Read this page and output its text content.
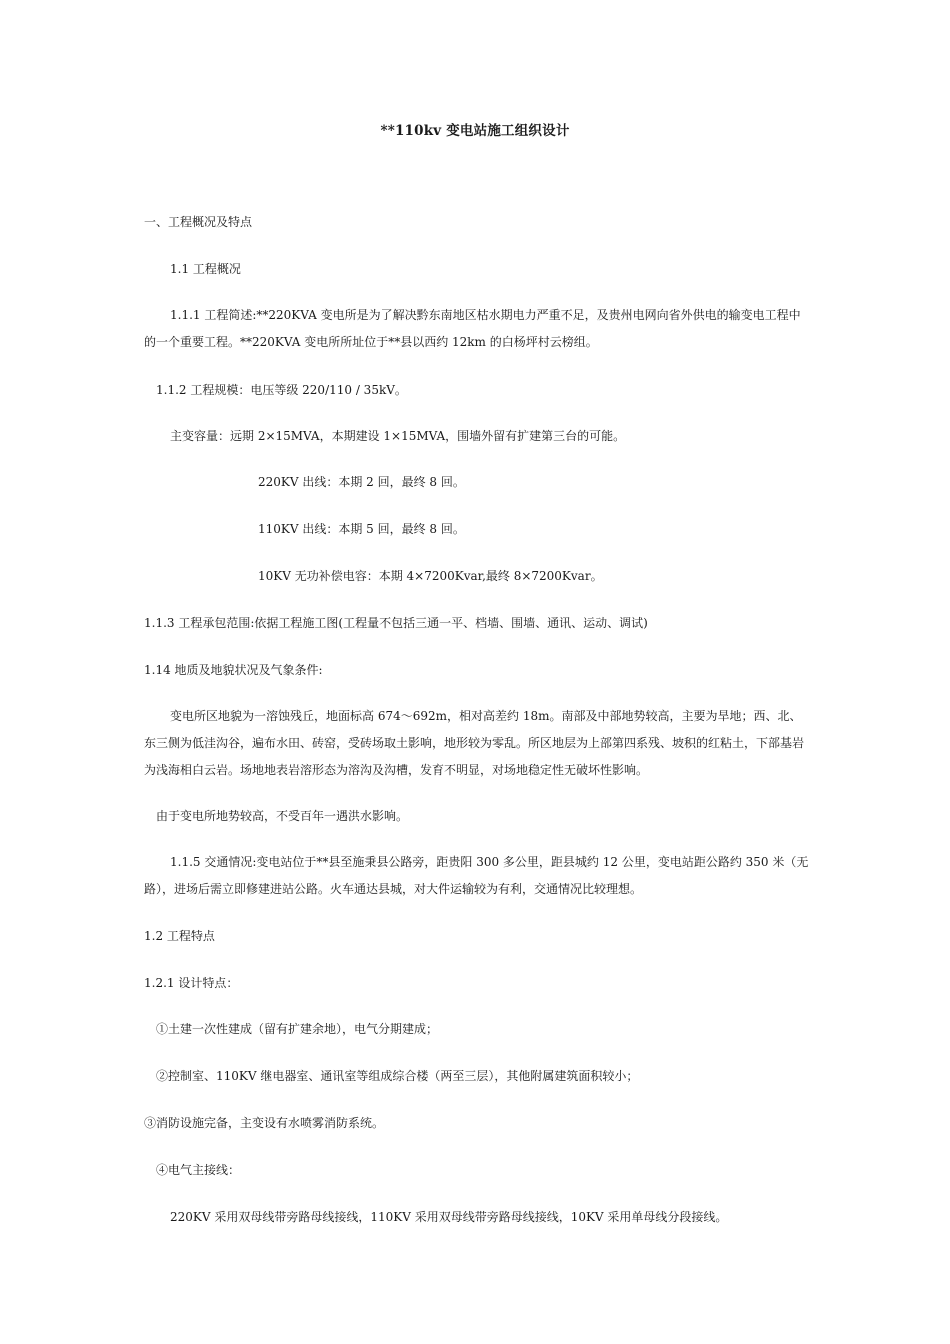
**110kv 变电站施工组织设计
一、工程概况及特点
1.1 工程概况
1.1.1 工程简述:**220KVA 变电所是为了解决黔东南地区枯水期电力严重不足，及贵州电网向省外供电的输变电工程中的一个重要工程。**220KVA 变电所所址位于**县以西约 12km 的白杨坪村云榜组。
1.1.2 工程规模：电压等级 220/110 / 35kV。
主变容量：远期 2×15MVA，本期建设 1×15MVA，围墙外留有扩建第三台的可能。
220KV 出线：本期 2 回，最终 8 回。
110KV 出线：本期 5 回，最终 8 回。
10KV 无功补偿电容：本期 4×7200Kvar,最终 8×7200Kvar。
1.1.3 工程承包范围:依据工程施工图(工程量不包括三通一平、档墙、围墙、通讯、运动、调试)
1.14 地质及地貌状况及气象条件:
变电所区地貌为一溶蚀残丘，地面标高 674～692m，相对高差约 18m。南部及中部地势较高，主要为旱地；西、北、东三侧为低洼沟谷，遍布水田、砖窑，受砖场取土影响，地形较为零乱。所区地层为上部第四系残、坡积的红粘土，下部基岩为浅海相白云岩。场地地表岩溶形态为溶沟及沟槽，发育不明显，对场地稳定性无破坏性影响。
由于变电所地势较高，不受百年一遇洪水影响。
1.1.5 交通情况:变电站位于**县至施秉县公路旁，距贵阳 300 多公里，距县城约 12 公里，变电站距公路约 350 米（无路），进场后需立即修建进站公路。火车通达县城，对大件运输较为有利，交通情况比较理想。
1.2 工程特点
1.2.1 设计特点：
①土建一次性建成（留有扩建余地），电气分期建成；
②控制室、110KV 继电器室、通讯室等组成综合楼（两至三层），其他附属建筑面积较小；
③消防设施完备，主变设有水喷雾消防系统。
④电气主接线：
220KV 采用双母线带旁路母线接线，110KV 采用双母线带旁路母线接线，10KV 采用单母线分段接线。
